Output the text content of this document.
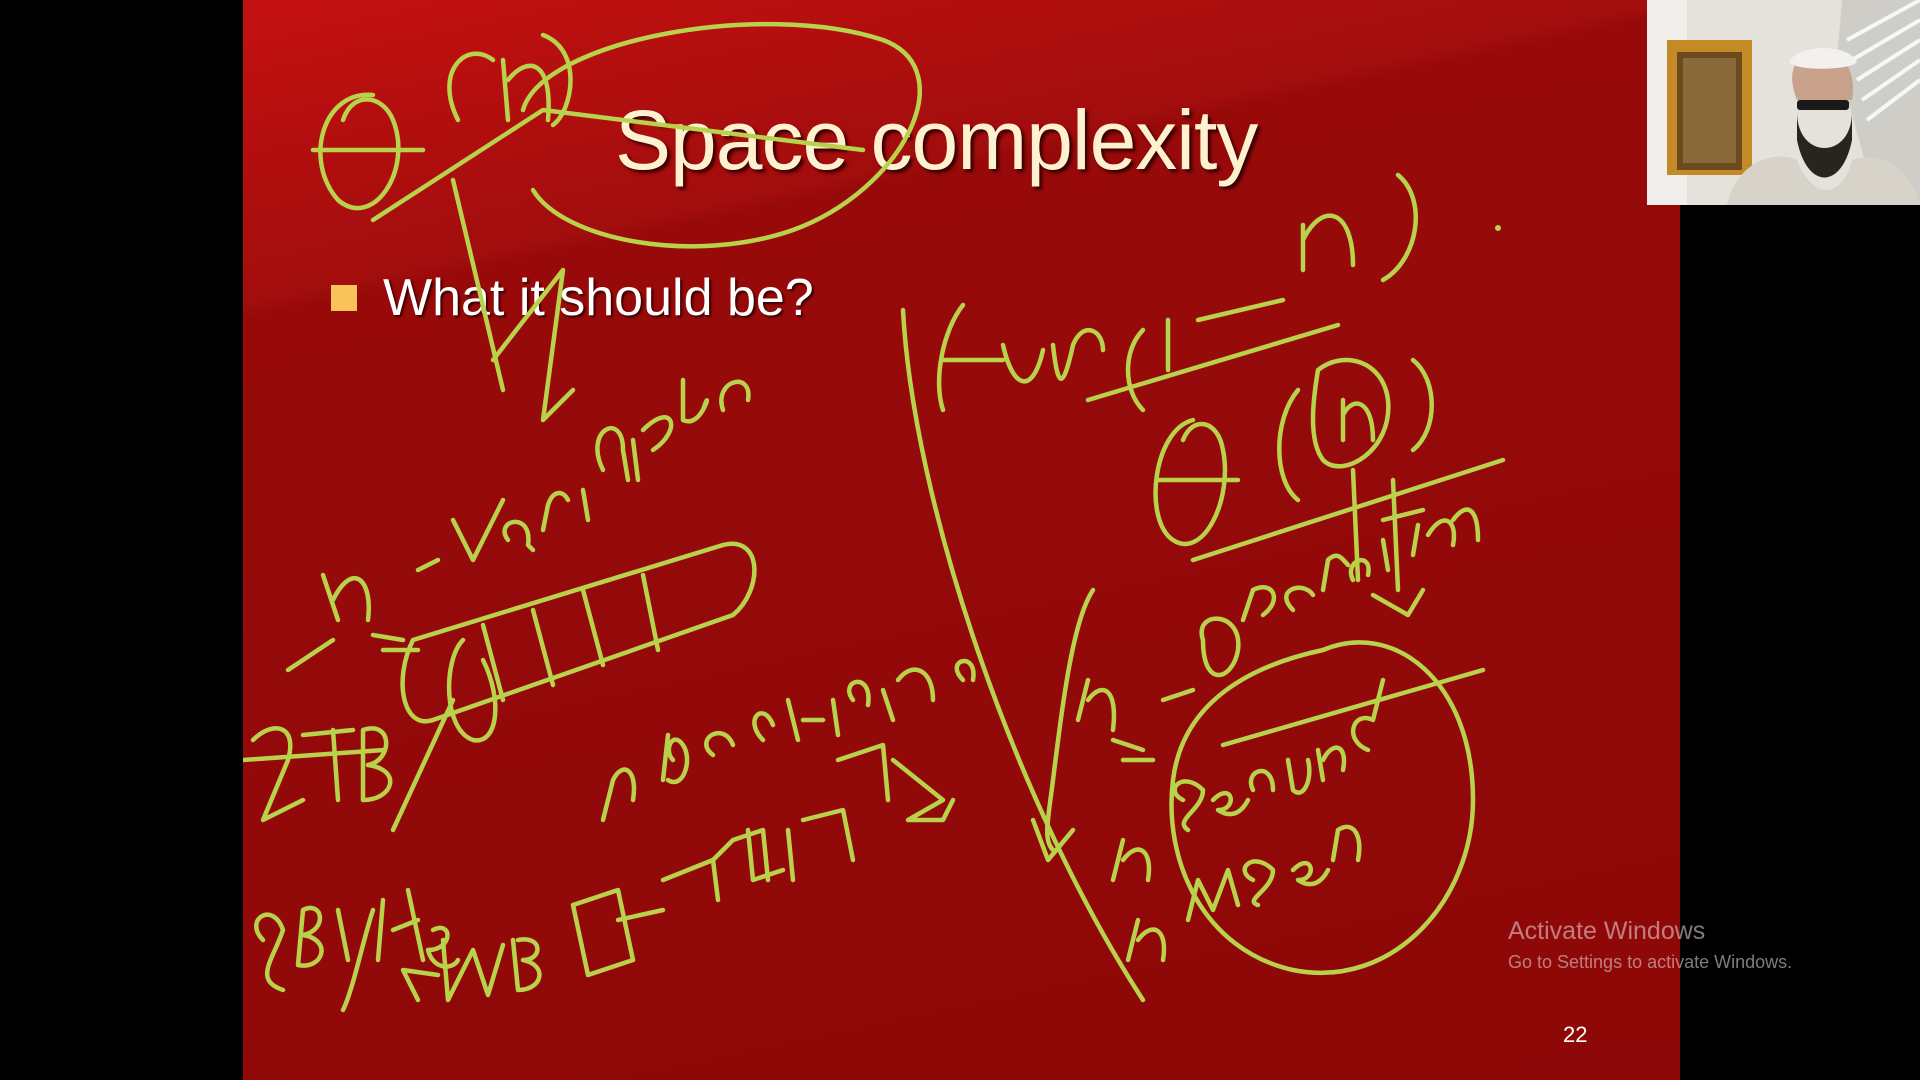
Space complexity
What it should be?
22
Activate Windows
Go to Settings to activate Windows.
